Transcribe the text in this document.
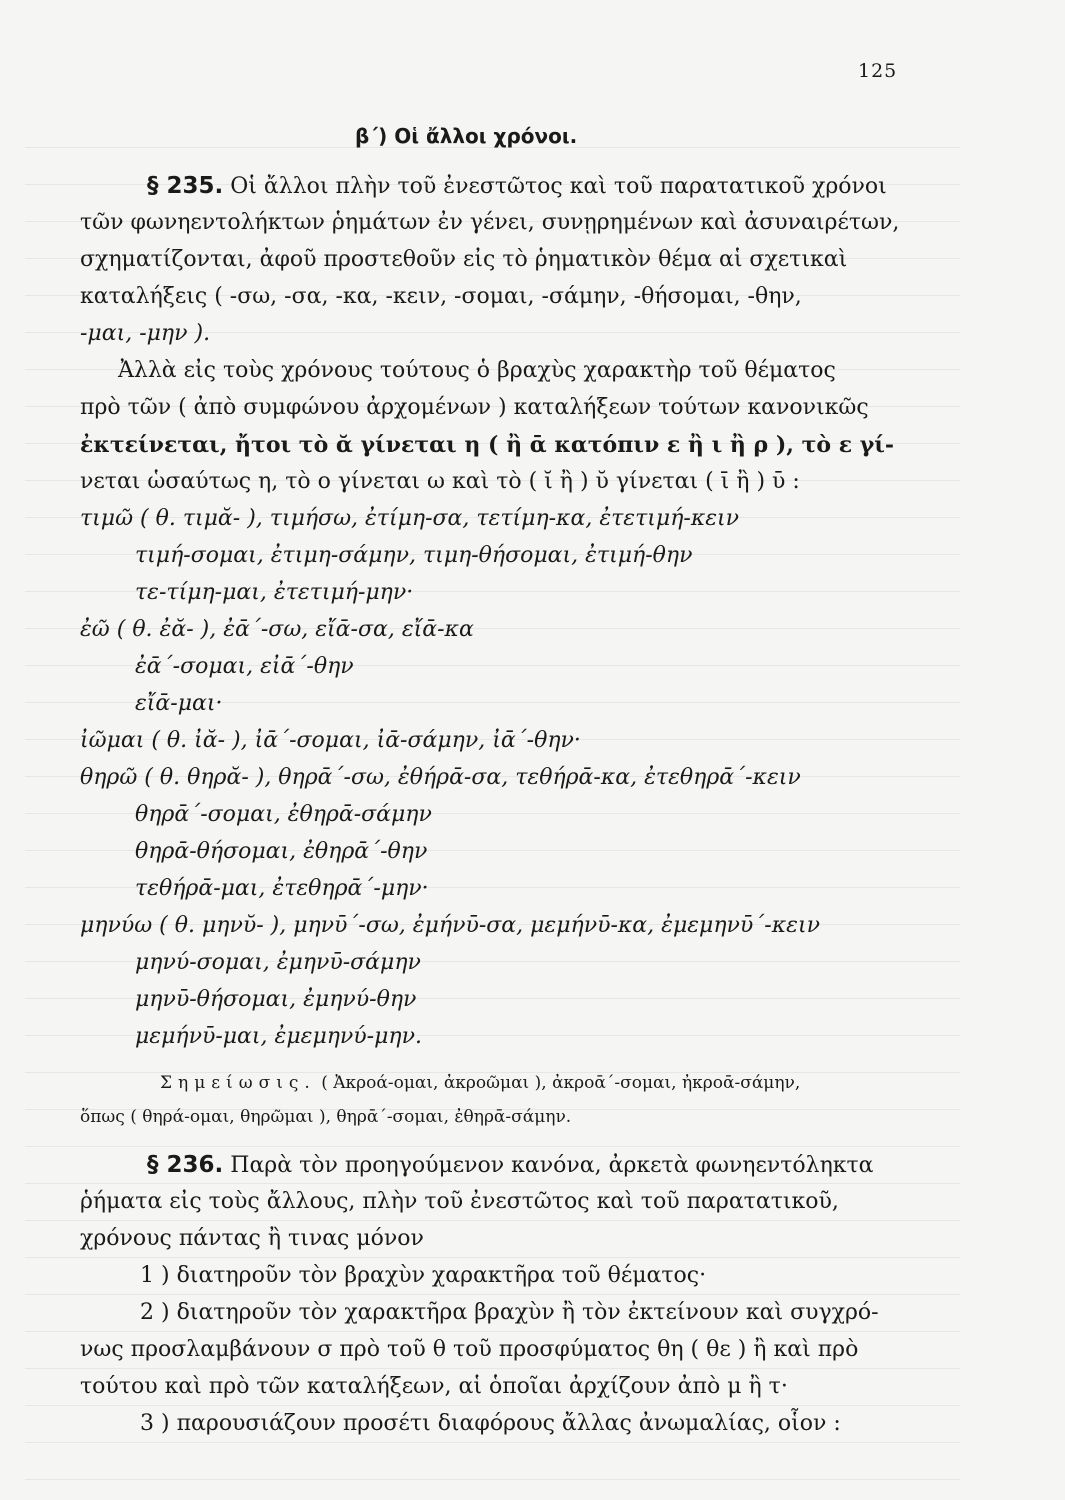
125
β΄) Οἱ ἄλλοι χρόνοι.
§ 235. Οἱ ἄλλοι πλὴν τοῦ ἐνεστῶτος καὶ τοῦ παρατατικοῦ χρόνοι
τῶν φωνηεντολήκτων ῥημάτων ἐν γένει, συνῃρημένων καὶ ἀσυναιρέτων,
σχηματίζονται, ἀφοῦ προστεθοῦν εἰς τὸ ῥηματικὸν θέμα αἱ σχετικαὶ
καταλήξεις ( -σω, -σα, -κα, -κειν, -σομαι, -σάμην, -θήσομαι, -θην,
-μαι, -μην ).
Ἀλλὰ εἰς τοὺς χρόνους τούτους ὁ βραχὺς χαρακτὴρ τοῦ θέματος
πρὸ τῶν ( ἀπὸ συμφώνου ἀρχομένων ) καταλήξεων τούτων κανονικῶς
ἐκτείνεται, ἤτοι τὸ ᾰ γίνεται η ( ἢ ᾱ κατόπιν ε ἢ ι ἢ ρ ), τὸ ε γί-
νεται ὡσαύτως η, τὸ ο γίνεται ω καὶ τὸ ( ῐ ἢ ) ῠ γίνεται ( ῑ ἢ ) ῡ :
τιμῶ ( θ. τιμᾰ- ), τιμήσω, ἐτίμη-σα, τετίμη-κα, ἐτετιμή-κειν
τιμή-σομαι, ἐτιμη-σάμην, τιμη-θήσομαι, ἐτιμή-θην
τε-τίμη-μαι, ἐτετιμή-μην·
ἐῶ ( θ. ἐᾰ- ), ἐᾱ΄-σω, εἴᾱ-σα, εἴᾱ-κα
ἐᾱ΄-σομαι, εἰᾱ΄-θην
εἴᾱ-μαι·
ἰῶμαι ( θ. ἰᾰ- ), ἰᾱ΄-σομαι, ἰᾱ-σάμην, ἰᾱ΄-θην·
θηρῶ ( θ. θηρᾰ- ), θηρᾱ΄-σω, ἐθήρᾱ-σα, τεθήρᾱ-κα, ἐτεθηρᾱ΄-κειν
θηρᾱ΄-σομαι, ἐθηρᾱ-σάμην
θηρᾱ-θήσομαι, ἐθηρᾱ΄-θην
τεθήρᾱ-μαι, ἐτεθηρᾱ΄-μην·
μηνύω ( θ. μηνῠ- ), μηνῡ΄-σω, ἐμήνῡ-σα, μεμήνῡ-κα, ἐμεμηνῡ΄-κειν
μηνύ-σομαι, ἐμηνῡ-σάμην
μηνῡ-θήσομαι, ἐμηνύ-θην
μεμήνῡ-μαι, ἐμεμηνύ-μην.
Σημείωσις. ( Ἀκροά-ομαι, ἀκροῶμαι ), ἀκροᾱ΄-σομαι, ἠκροᾱ-σάμην,
ὅπως ( θηρά-ομαι, θηρῶμαι ), θηρᾱ΄-σομαι, ἐθηρᾱ-σάμην.
§ 236. Παρὰ τὸν προηγούμενον κανόνα, ἀρκετὰ φωνηεντόληκτα
ῥήματα εἰς τοὺς ἄλλους, πλὴν τοῦ ἐνεστῶτος καὶ τοῦ παρατατικοῦ,
χρόνους πάντας ἢ τινας μόνον
1 ) διατηροῦν τὸν βραχὺν χαρακτῆρα τοῦ θέματος·
2 ) διατηροῦν τὸν χαρακτῆρα βραχὺν ἢ τὸν ἐκτείνουν καὶ συγχρό-
νως προσλαμβάνουν σ πρὸ τοῦ θ τοῦ προσφύματος θη ( θε ) ἢ καὶ πρὸ
τούτου καὶ πρὸ τῶν καταλήξεων, αἱ ὁποῖαι ἀρχίζουν ἀπὸ μ ἢ τ·
3 ) παρουσιάζουν προσέτι διαφόρους ἄλλας ἀνωμαλίας, οἷον :
